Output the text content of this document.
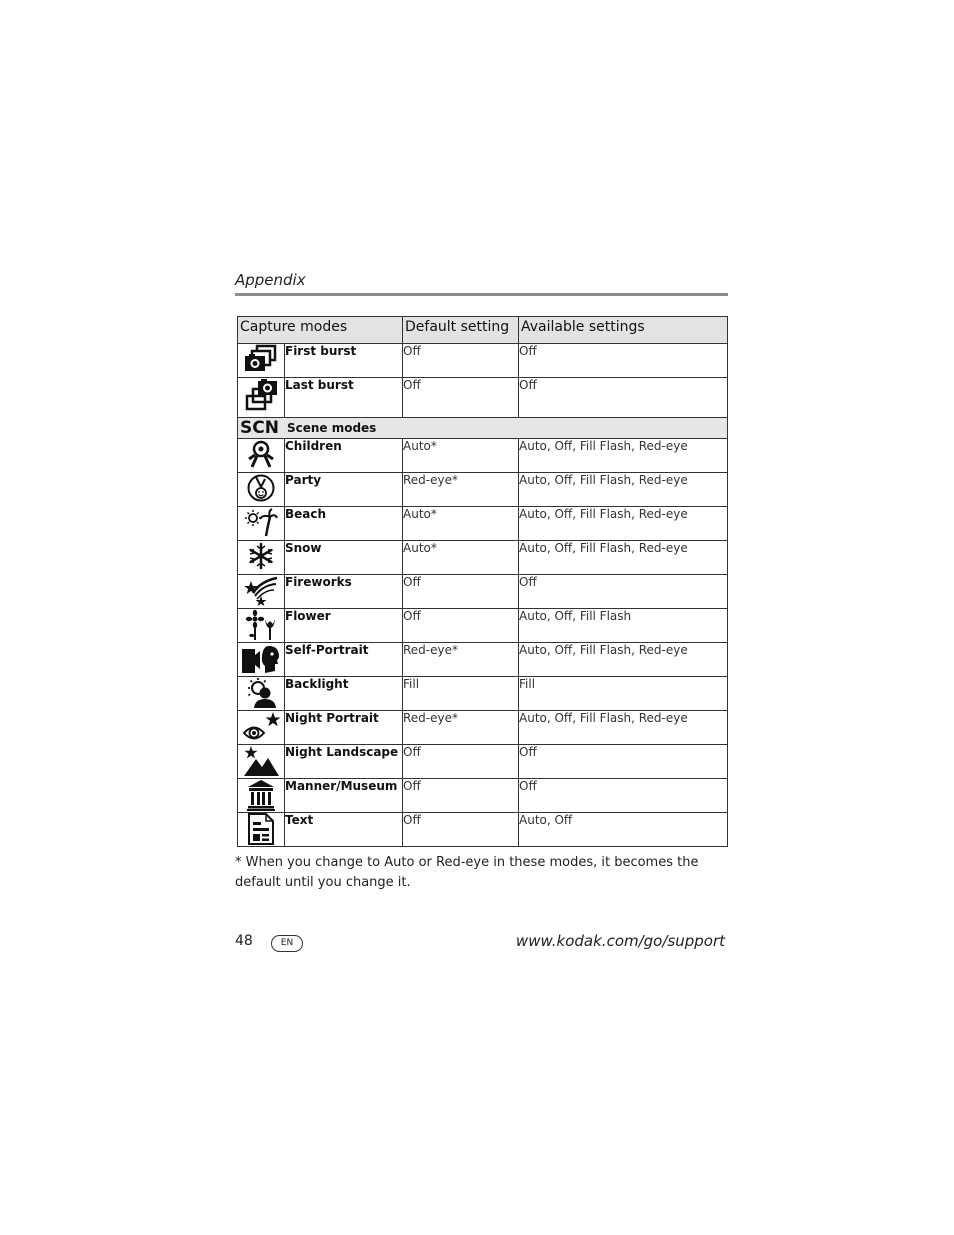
Appendix
Capture modes		Default setting	Available settings

	First burst	Off	Off

	Last burst	Off	Off

SCN Scene modes			

	Children	Auto*	Auto, Off, Fill Flash, Red-eye

	Party	Red-eye*	Auto, Off, Fill Flash, Red-eye

	Beach	Auto*	Auto, Off, Fill Flash, Red-eye

	Snow	Auto*	Auto, Off, Fill Flash, Red-eye

	Fireworks	Off	Off

	Flower	Off	Auto, Off, Fill Flash

	Self-Portrait	Red-eye*	Auto, Off, Fill Flash, Red-eye

	Backlight	Fill	Fill

	Night Portrait	Red-eye*	Auto, Off, Fill Flash, Red-eye

	Night Landscape	Off	Off

	Manner/Museum	Off	Off

	Text	Off	Auto, Off
* When you change to Auto or Red-eye in these modes, it becomes the default until you change it.
48	EN	www.kodak.com/go/support
